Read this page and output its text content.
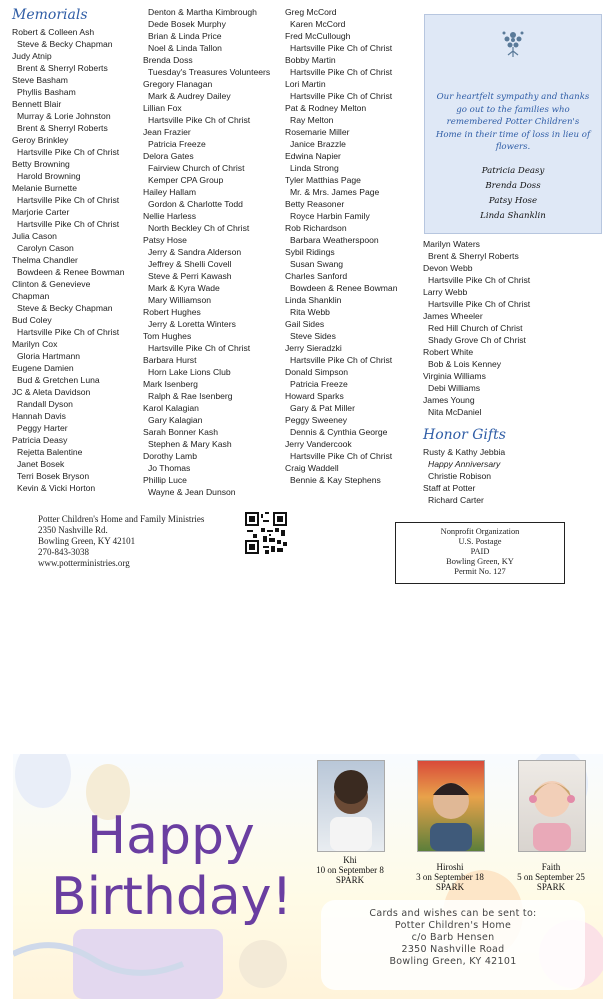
Memorials
Robert & Colleen Ash
Steve & Becky Chapman
Judy Atnip
Brent & Sherryl Roberts
Steve Basham
Phyllis Basham
Bennett Blair
Murray & Lorie Johnston
Brent & Sherryl Roberts
Geroy Brinkley
Hartsville Pike Ch of Christ
Betty Browning
Harold Browning
Melanie Burnette
Hartsville Pike Ch of Christ
Marjorie Carter
Hartsville Pike Ch of Christ
Julia Cason
Carolyn Cason
Thelma Chandler
Bowdeen & Renee Bowman
Clinton & Genevieve
Chapman
Steve & Becky Chapman
Bud Coley
Hartsville Pike Ch of Christ
Marilyn Cox
Gloria Hartmann
Eugene Damien
Bud & Gretchen Luna
JC & Aleta Davidson
Randall Dyson
Hannah Davis
Peggy Harter
Patricia Deasy
Rejetta Balentine
Janet Bosek
Terri Bosek Bryson
Kevin & Vicki Horton
Denton & Martha Kimbrough
Dede Bosek Murphy
Brian & Linda Price
Noel & Linda Tallon
Brenda Doss
Tuesday's Treasures Volunteers
Gregory Flanagan
Mark & Audrey Dailey
Lillian Fox
Hartsville Pike Ch of Christ
Jean Frazier
Patricia Freeze
Delora Gates
Fairview Church of Christ
Kemper CPA Group
Hailey Hallam
Gordon & Charlotte Todd
Nellie Harless
North Beckley Ch of Christ
Patsy Hose
Jerry & Sandra Alderson
Jeffrey & Shelli Covell
Steve & Perri Kawash
Mark & Kyra Wade
Mary Williamson
Robert Hughes
Jerry & Loretta Winters
Tom Hughes
Hartsville Pike Ch of Christ
Barbara Hurst
Horn Lake Lions Club
Mark Isenberg
Ralph & Rae Isenberg
Karol Kalagian
Gary Kalagian
Sarah Bonner Kash
Stephen & Mary Kash
Dorothy Lamb
Jo Thomas
Phillip Luce
Wayne & Jean Dunson
Greg McCord
Karen McCord
Fred McCullough
Hartsville Pike Ch of Christ
Bobby Martin
Hartsville Pike Ch of Christ
Lori Martin
Hartsville Pike Ch of Christ
Pat & Rodney Melton
Ray Melton
Rosemarie Miller
Janice Brazzle
Edwina Napier
Linda Strong
Tyler Matthias Page
Mr. & Mrs. James Page
Betty Reasoner
Royce Harbin Family
Rob Richardson
Barbara Weatherspoon
Sybil Ridings
Susan Swang
Charles Sanford
Bowdeen & Renee Bowman
Linda Shanklin
Rita Webb
Gail Sides
Steve Sides
Jerry Sieradzki
Hartsville Pike Ch of Christ
Donald Simpson
Patricia Freeze
Howard Sparks
Gary & Pat Miller
Peggy Sweeney
Dennis & Cynthia George
Jerry Vandercook
Hartsville Pike Ch of Christ
Craig Waddell
Bennie & Kay Stephens
Marilyn Waters
Brent & Sherryl Roberts
Devon Webb
Hartsville Pike Ch of Christ
Larry Webb
Hartsville Pike Ch of Christ
James Wheeler
Red Hill Church of Christ
Shady Grove Ch of Christ
Robert White
Bob & Lois Kenney
Virginia Williams
Debi Williams
James Young
Nita McDaniel
Honor Gifts
Rusty & Kathy Jebbia
Happy Anniversary
Christie Robison
Staff at Potter
Richard Carter
Our heartfelt sympathy and thanks go out to the families who remembered Potter Children's Home in their time of loss in lieu of flowers.
Patricia Deasy
Brenda Doss
Patsy Hose
Linda Shanklin
Potter Children's Home and Family Ministries
2350 Nashville Rd.
Bowling Green, KY 42101
270-843-3038
www.potterministries.org
Nonprofit Organization
U.S. Postage
PAID
Bowling Green, KY
Permit No. 127
Happy
Birthday!
Khi
10 on September 8
SPARK
Hiroshi
3 on September 18
SPARK
Faith
5 on September 25
SPARK
Cards and wishes can be sent to:
Potter Children's Home
c/o Barb Hensen
2350 Nashville Road
Bowling Green, KY 42101
